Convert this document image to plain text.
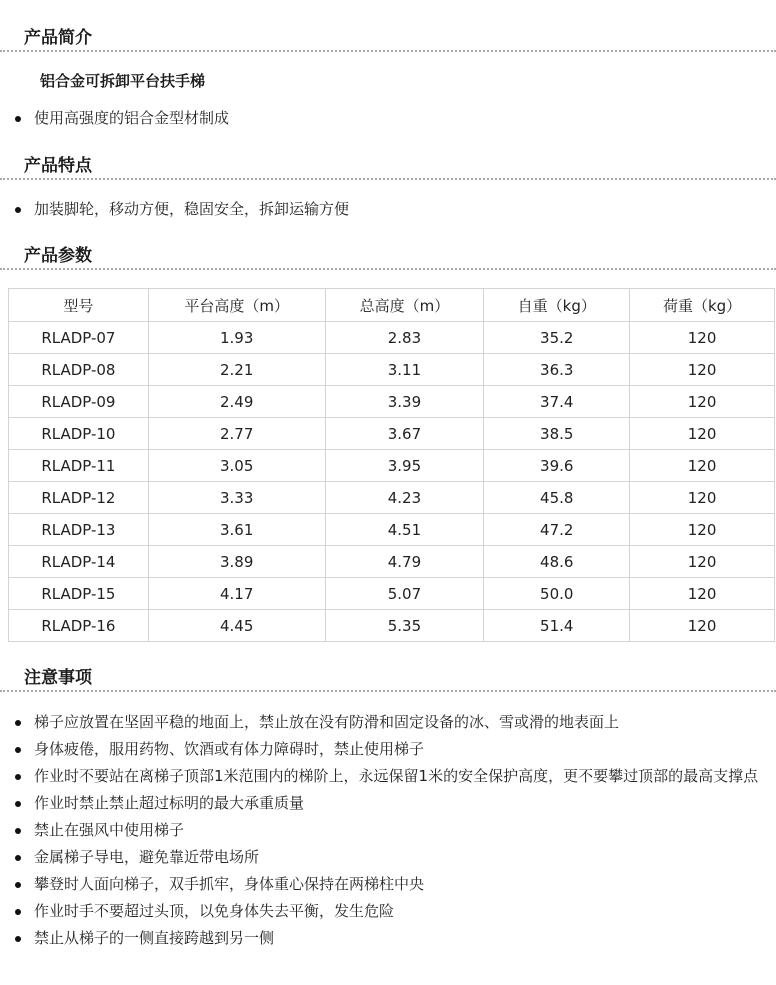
产品简介
铝合金可拆卸平台扶手梯
使用高强度的铝合金型材制成
产品特点
加装脚轮，移动方便，稳固安全，拆卸运输方便
产品参数
型号	平台高度（m）	总高度（m）	自重（kg）	荷重（kg）
RLADP-07	1.93	2.83	35.2	120
RLADP-08	2.21	3.11	36.3	120
RLADP-09	2.49	3.39	37.4	120
RLADP-10	2.77	3.67	38.5	120
RLADP-11	3.05	3.95	39.6	120
RLADP-12	3.33	4.23	45.8	120
RLADP-13	3.61	4.51	47.2	120
RLADP-14	3.89	4.79	48.6	120
RLADP-15	4.17	5.07	50.0	120
RLADP-16	4.45	5.35	51.4	120
注意事项
梯子应放置在坚固平稳的地面上，禁止放在没有防滑和固定设备的冰、雪或滑的地表面上
身体疲倦，服用药物、饮酒或有体力障碍时，禁止使用梯子
作业时不要站在离梯子顶部1米范围内的梯阶上，永远保留1米的安全保护高度，更不要攀过顶部的最高支撑点
作业时禁止禁止超过标明的最大承重质量
禁止在强风中使用梯子
金属梯子导电，避免靠近带电场所
攀登时人面向梯子，双手抓牢，身体重心保持在两梯柱中央
作业时手不要超过头顶，以免身体失去平衡，发生危险
禁止从梯子的一侧直接跨越到另一侧
